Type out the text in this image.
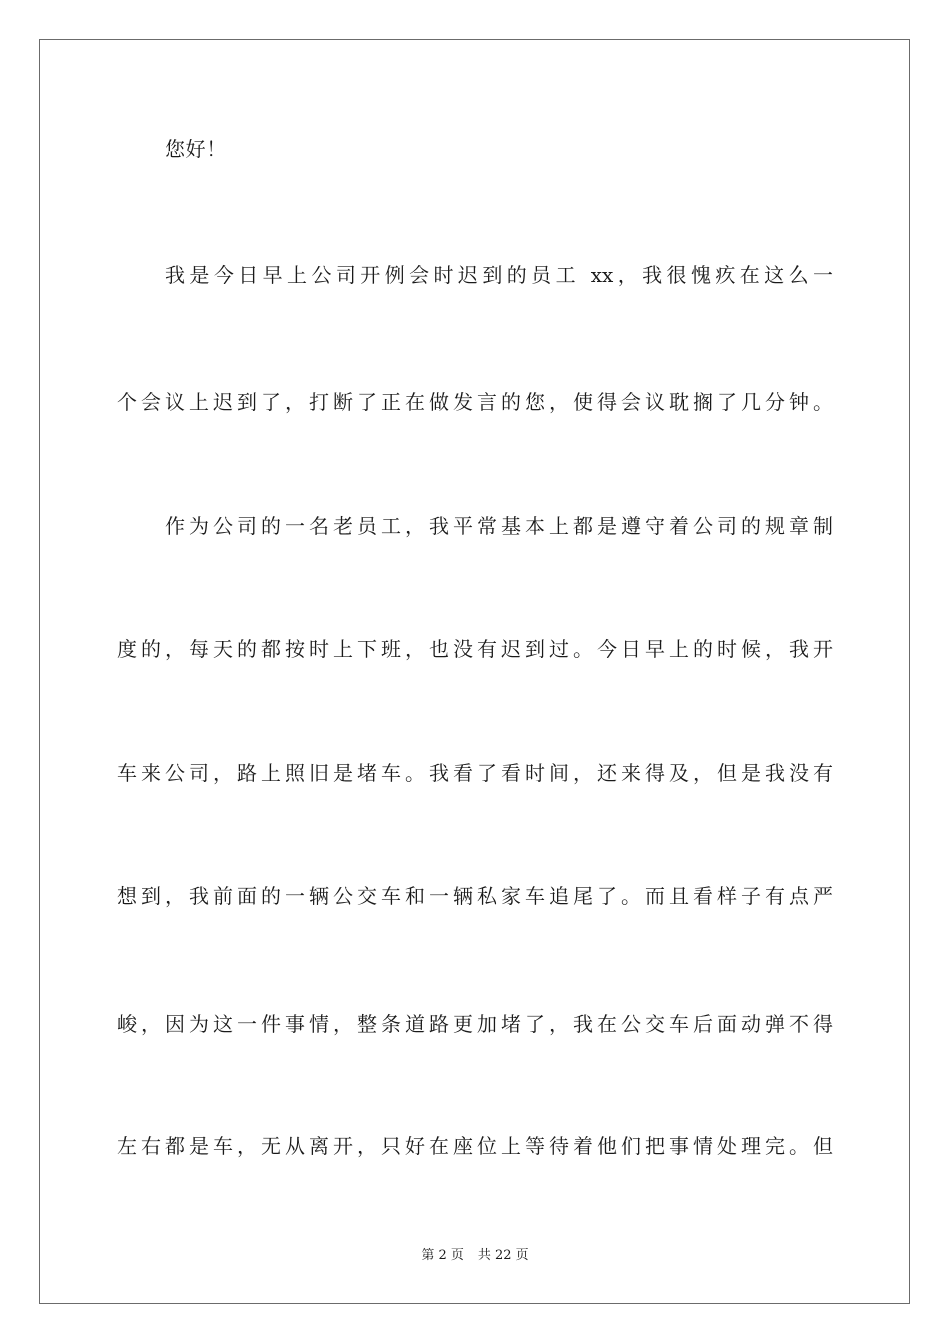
您好！
我是今日早上公司开例会时迟到的员工 xx，我很愧疚在这么一
个会议上迟到了，打断了正在做发言的您，使得会议耽搁了几分钟。
作为公司的一名老员工，我平常基本上都是遵守着公司的规章制
度的，每天的都按时上下班，也没有迟到过。今日早上的时候，我开
车来公司，路上照旧是堵车。我看了看时间，还来得及，但是我没有
想到，我前面的一辆公交车和一辆私家车追尾了。而且看样子有点严
峻，因为这一件事情，整条道路更加堵了，我在公交车后面动弹不得
左右都是车，无从离开，只好在座位上等待着他们把事情处理完。但
第 2 页 共 22 页
